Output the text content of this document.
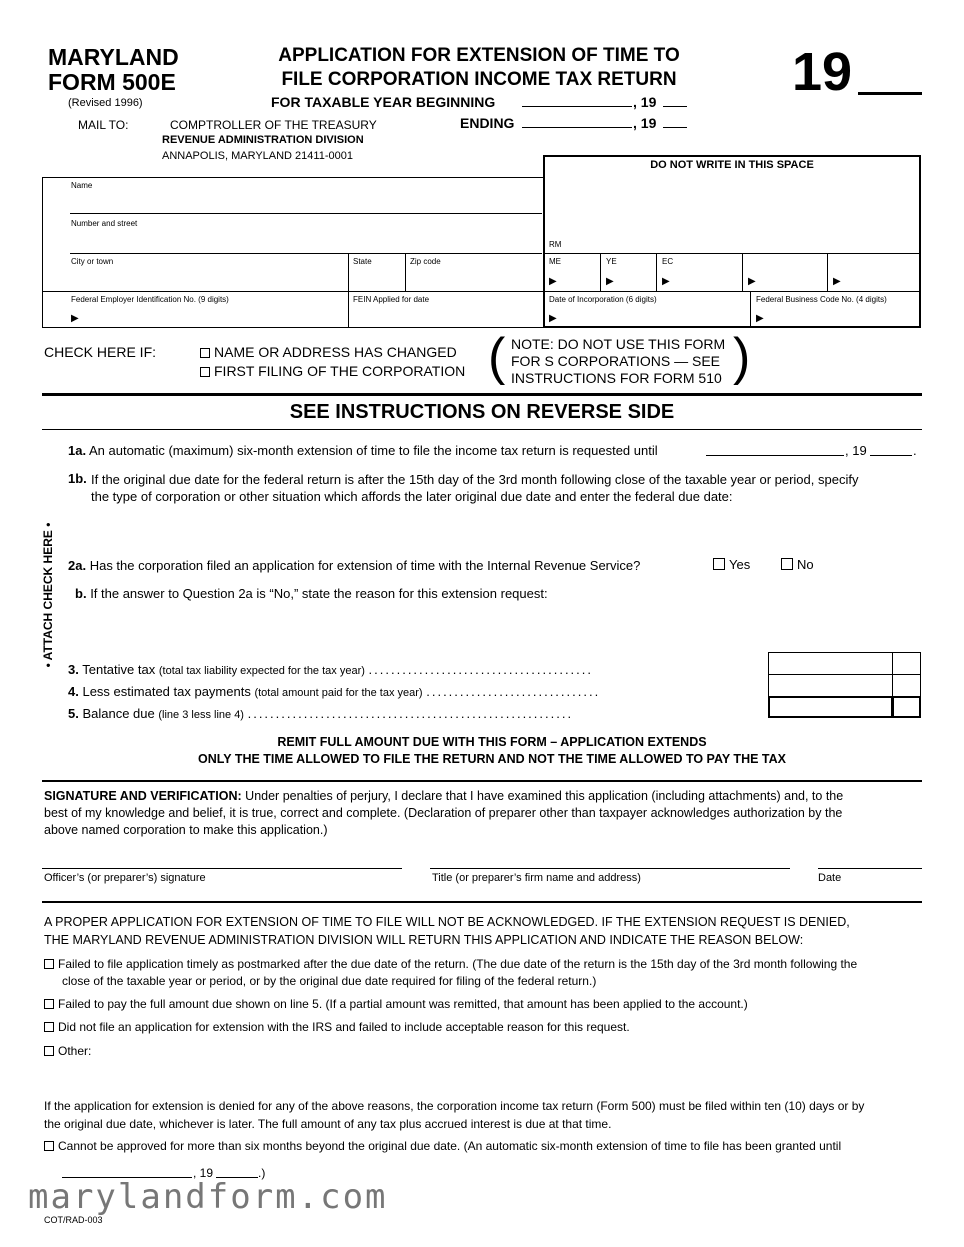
MARYLAND
FORM 500E
(Revised 1996)
APPLICATION FOR EXTENSION OF TIME TO
FILE CORPORATION INCOME TAX RETURN
FOR TAXABLE YEAR BEGINNING	, 19
ENDING	, 19
19
MAIL TO:	COMPTROLLER OF THE TREASURY
REVENUE ADMINISTRATION DIVISION
ANNAPOLIS, MARYLAND 21411-0001
DO NOT WRITE IN THIS SPACE
RM
ME	YE	EC
▶	▶	▶	▶	▶
Date of Incorporation (6 digits)
▶
Federal Business Code No. (4 digits)
▶
Name
Number and street
City or town	State	Zip code
Federal Employer Identification No. (9 digits)
▶
FEIN Applied for date
CHECK HERE IF:	NAME OR ADDRESS HAS CHANGED
FIRST FILING OF THE CORPORATION ( NOTE: DO NOT USE THIS FORM
FOR S CORPORATIONS — SEE
INSTRUCTIONS FOR FORM 510 )
SEE INSTRUCTIONS ON REVERSE SIDE
• ATTACH CHECK HERE •
1a. An automatic (maximum) six-month extension of time to file the income tax return is requested until	, 19	.
1b. If the original due date for the federal return is after the 15th day of the 3rd month following close of the taxable year or period, specify
the type of corporation or other situation which affords the later original due date and enter the federal due date:
2a. Has the corporation filed an application for extension of time with the Internal Revenue Service?	Yes	No
b. If the answer to Question 2a is “No,” state the reason for this extension request:
3. Tentative tax (total tax liability expected for the tax year) ........................................
4. Less estimated tax payments (total amount paid for the tax year) ...............................
5. Balance due (line 3 less line 4) ..........................................................
REMIT FULL AMOUNT DUE WITH THIS FORM – APPLICATION EXTENDS
ONLY THE TIME ALLOWED TO FILE THE RETURN AND NOT THE TIME ALLOWED TO PAY THE TAX
SIGNATURE AND VERIFICATION: Under penalties of perjury, I declare that I have examined this application (including attachments) and, to the
best of my knowledge and belief, it is true, correct and complete. (Declaration of preparer other than taxpayer acknowledges authorization by the
above named corporation to make this application.)
Officer’s (or preparer’s) signature	Title (or preparer’s firm name and address)	Date
A PROPER APPLICATION FOR EXTENSION OF TIME TO FILE WILL NOT BE ACKNOWLEDGED. IF THE EXTENSION REQUEST IS DENIED,
THE MARYLAND REVENUE ADMINISTRATION DIVISION WILL RETURN THIS APPLICATION AND INDICATE THE REASON BELOW:
Failed to file application timely as postmarked after the due date of the return. (The due date of the return is the 15th day of the 3rd month following the
close of the taxable year or period, or by the original due date required for filing of the federal return.)
Failed to pay the full amount due shown on line 5. (If a partial amount was remitted, that amount has been applied to the account.)
Did not file an application for extension with the IRS and failed to include acceptable reason for this request.
Other:
If the application for extension is denied for any of the above reasons, the corporation income tax return (Form 500) must be filed within ten (10) days or by
the original due date, whichever is later. The full amount of any tax plus accrued interest is due at that time.
Cannot be approved for more than six months beyond the original due date. (An automatic six-month extension of time to file has been granted until
, 19	.)
marylandform.com
COT/RAD-003
